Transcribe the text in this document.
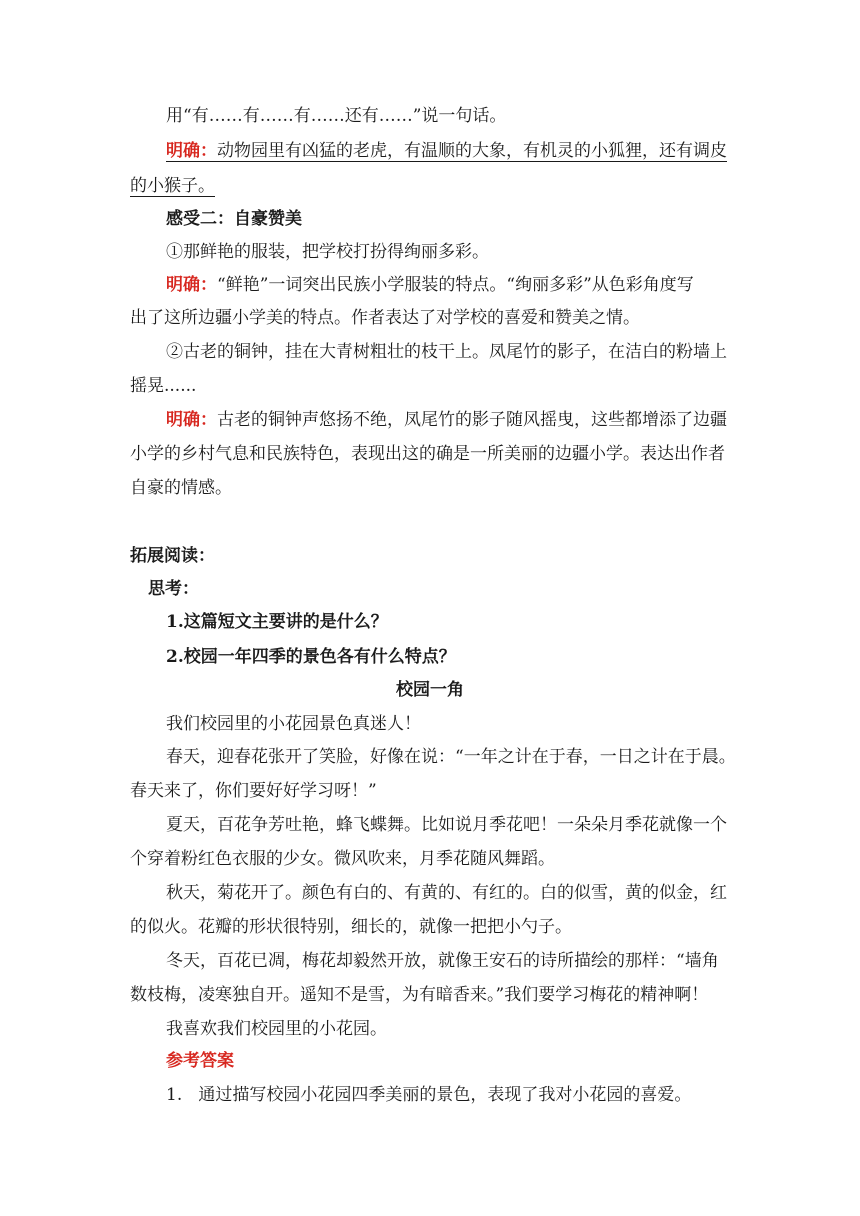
用“有……有……有……还有……”说一句话。
明确：动物园里有凶猛的老虎，有温顺的大象，有机灵的小狐狸，还有调皮
的小猴子。
感受二：自豪赞美
①那鲜艳的服装，把学校打扮得绚丽多彩。
明确：“鲜艳”一词突出民族小学服装的特点。“绚丽多彩”从色彩角度写
出了这所边疆小学美的特点。作者表达了对学校的喜爱和赞美之情。
②古老的铜钟，挂在大青树粗壮的枝干上。凤尾竹的影子，在洁白的粉墙上
摇晃......
明确：古老的铜钟声悠扬不绝，凤尾竹的影子随风摇曳，这些都增添了边疆
小学的乡村气息和民族特色，表现出这的确是一所美丽的边疆小学。表达出作者
自豪的情感。
拓展阅读：
思考：
1.这篇短文主要讲的是什么？
2.校园一年四季的景色各有什么特点？
校园一角
我们校园里的小花园景色真迷人！
春天，迎春花张开了笑脸，好像在说：“一年之计在于春，一日之计在于晨。
春天来了，你们要好好学习呀！”
夏天，百花争芳吐艳，蜂飞蝶舞。比如说月季花吧！一朵朵月季花就像一个
个穿着粉红色衣服的少女。微风吹来，月季花随风舞蹈。
秋天，菊花开了。颜色有白的、有黄的、有红的。白的似雪，黄的似金，红
的似火。花瓣的形状很特别，细长的，就像一把把小勺子。
冬天，百花已凋，梅花却毅然开放，就像王安石的诗所描绘的那样：“墙角
数枝梅，凌寒独自开。遥知不是雪，为有暗香来。”我们要学习梅花的精神啊！
我喜欢我们校园里的小花园。
参考答案
1.   通过描写校园小花园四季美丽的景色，表现了我对小花园的喜爱。
